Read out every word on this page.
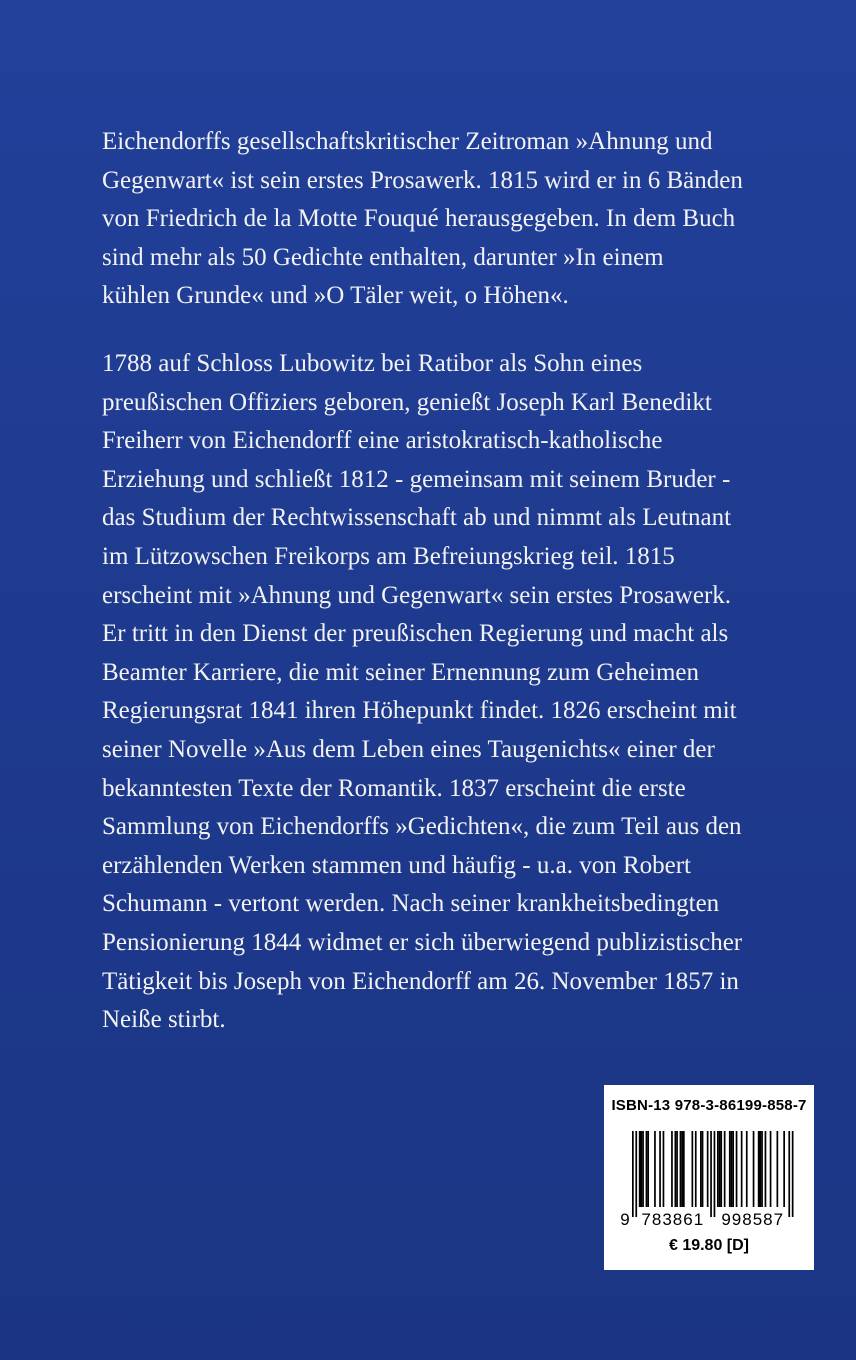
Eichendorffs gesellschaftskritischer Zeitroman »Ahnung und
Gegenwart« ist sein erstes Prosawerk. 1815 wird er in 6 Bänden
von Friedrich de la Motte Fouqué herausgegeben. In dem Buch
sind mehr als 50 Gedichte enthalten, darunter »In einem
kühlen Grunde« und »O Täler weit, o Höhen«.

1788 auf Schloss Lubowitz bei Ratibor als Sohn eines
preußischen Offiziers geboren, genießt Joseph Karl Benedikt
Freiherr von Eichendorff eine aristokratisch-katholische
Erziehung und schließt 1812 - gemeinsam mit seinem Bruder -
das Studium der Rechtwissenschaft ab und nimmt als Leutnant
im Lützowschen Freikorps am Befreiungskrieg teil. 1815
erscheint mit »Ahnung und Gegenwart« sein erstes Prosawerk.
Er tritt in den Dienst der preußischen Regierung und macht als
Beamter Karriere, die mit seiner Ernennung zum Geheimen
Regierungsrat 1841 ihren Höhepunkt findet. 1826 erscheint mit
seiner Novelle »Aus dem Leben eines Taugenichts« einer der
bekanntesten Texte der Romantik. 1837 erscheint die erste
Sammlung von Eichendorffs »Gedichten«, die zum Teil aus den
erzählenden Werken stammen und häufig - u.a. von Robert
Schumann - vertont werden. Nach seiner krankheitsbedingten
Pensionierung 1844 widmet er sich überwiegend publizistischer
Tätigkeit bis Joseph von Eichendorff am 26. November 1857 in
Neiße stirbt.

ISBN-13 978-3-86199-858-7
9 783861 998587
€ 19.80 [D]
